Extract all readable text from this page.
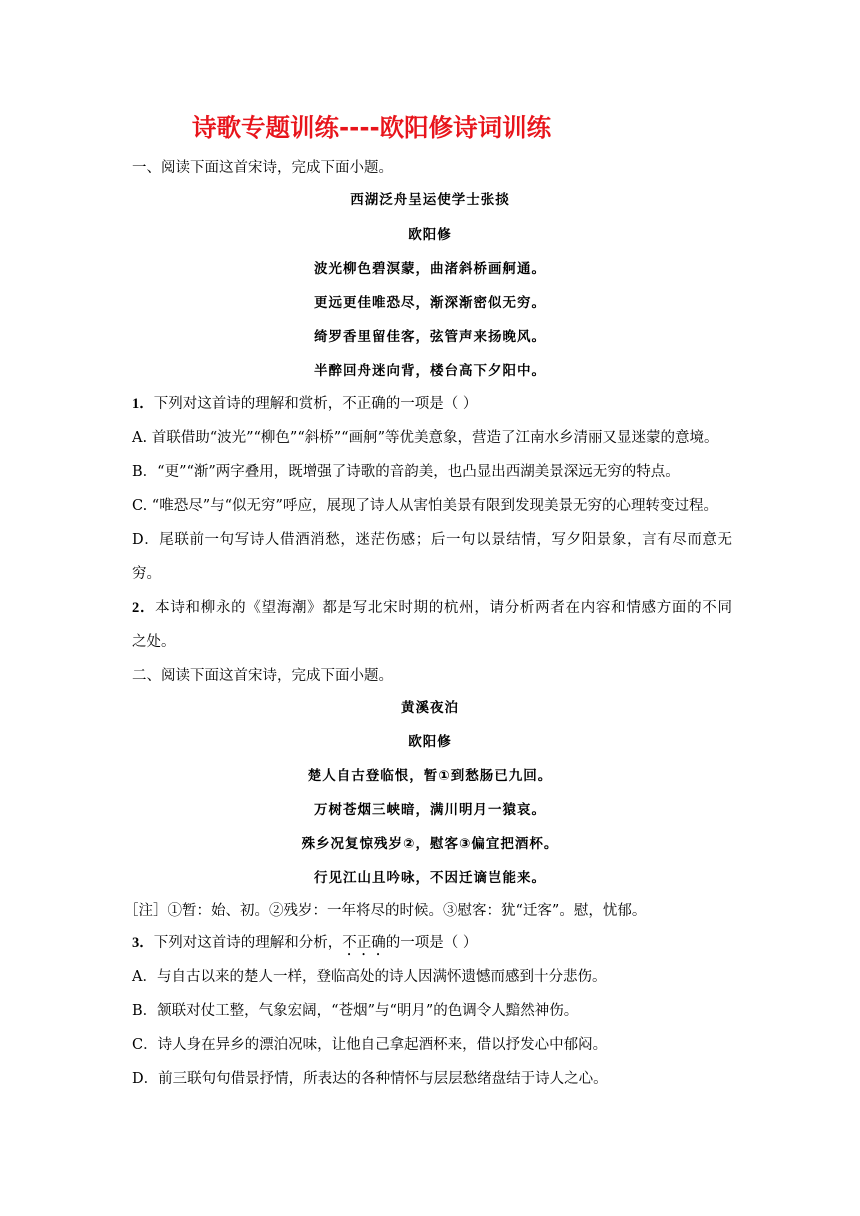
诗歌专题训练----欧阳修诗词训练
一、阅读下面这首宋诗，完成下面小题。
西湖泛舟呈运使学士张掞
欧阳修
波光柳色碧溟蒙，曲渚斜桥画舸通。
更远更佳唯恐尽，渐深渐密似无穷。
绮罗香里留佳客，弦管声来扬晚风。
半醉回舟迷向背，楼台高下夕阳中。
1．下列对这首诗的理解和赏析，不正确的一项是（ ）
A. 首联借助“波光”“柳色”“斜桥”“画舸”等优美意象，营造了江南水乡清丽又显迷蒙的意境。
B．“更”“渐”两字叠用，既增强了诗歌的音韵美，也凸显出西湖美景深远无穷的特点。
C. “唯恐尽”与“似无穷”呼应，展现了诗人从害怕美景有限到发现美景无穷的心理转变过程。
D．尾联前一句写诗人借酒消愁，迷茫伤感；后一句以景结情，写夕阳景象，言有尽而意无
穷。
2．本诗和柳永的《望海潮》都是写北宋时期的杭州，请分析两者在内容和情感方面的不同
之处。
二、阅读下面这首宋诗，完成下面小题。
黄溪夜泊
欧阳修
楚人自古登临恨，暂①到愁肠已九回。
万树苍烟三峡暗，满川明月一猿哀。
殊乡况复惊残岁②，慰客③偏宜把酒杯。
行见江山且吟咏，不因迁谪岂能来。
［注］①暂：始、初。②残岁：一年将尽的时候。③慰客：犹“迁客”。慰，忧郁。
3．下列对这首诗的理解和分析，不正确的一项是（ ）
A．与自古以来的楚人一样，登临高处的诗人因满怀遗憾而感到十分悲伤。
B．颔联对仗工整，气象宏阔，“苍烟”与“明月”的色调令人黯然神伤。
C．诗人身在异乡的漂泊况味，让他自己拿起酒杯来，借以抒发心中郁闷。
D．前三联句句借景抒情，所表达的各种情怀与层层愁绪盘结于诗人之心。
